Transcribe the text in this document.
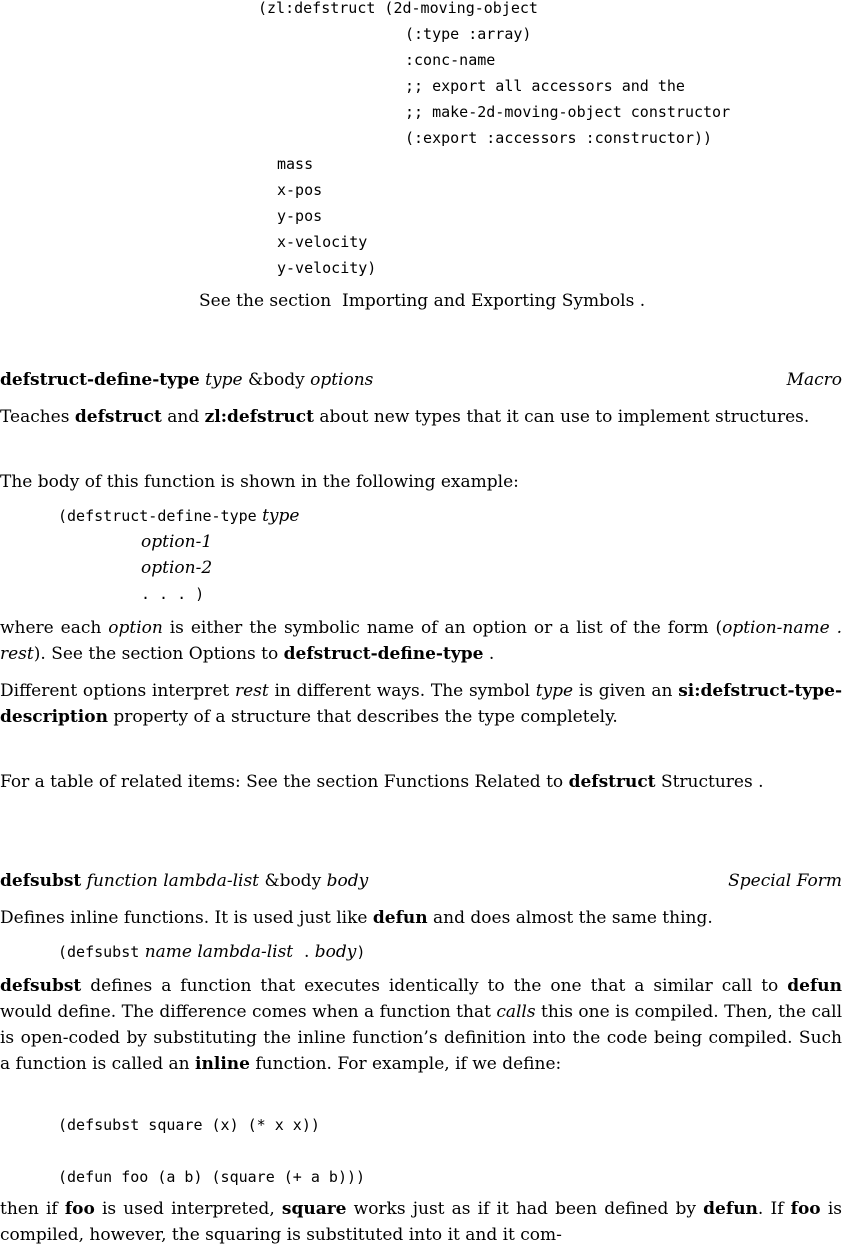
(zl:defstruct (2d-moving-object
(:type :array)
:conc-name
;; export all accessors and the
;; make-2d-moving-object constructor
(:export :accessors :constructor))
mass
x-pos
y-pos
x-velocity
y-velocity)
See the section Importing and Exporting Symbols .
defstruct-define-type type &body options	Macro
Teaches defstruct and zl:defstruct about new types that it can use to implement structures.
The body of this function is shown in the following example:
(defstruct-define-type type
option-1
option-2
. . . )
where each option is either the symbolic name of an option or a list of the form (option-name . rest). See the section Options to defstruct-define-type .
Different options interpret rest in different ways. The symbol type is given an si:defstruct-type-description property of a structure that describes the type completely.
For a table of related items: See the section Functions Related to defstruct Structures .
defsubst function lambda-list &body body	Special Form
Defines inline functions. It is used just like defun and does almost the same thing.
(defsubst name lambda-list . body)
defsubst defines a function that executes identically to the one that a similar call to defun would define. The difference comes when a function that calls this one is compiled. Then, the call is open-coded by substituting the inline function’s definition into the code being compiled. Such a function is called an inline function. For example, if we define:
(defsubst square (x) (* x x))
(defun foo (a b) (square (+ a b)))
then if foo is used interpreted, square works just as if it had been defined by defun. If foo is compiled, however, the squaring is substituted into it and it com-
